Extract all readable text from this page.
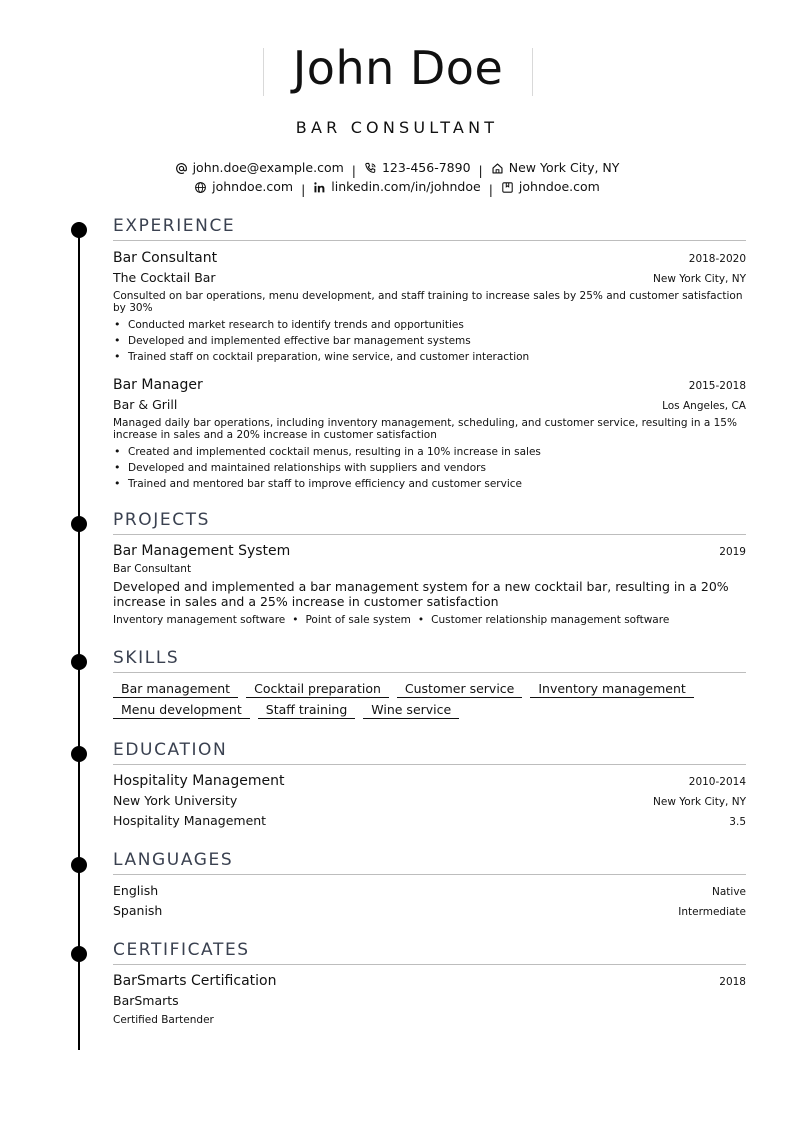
John Doe
BAR CONSULTANT
john.doe@example.com | 123-456-7890 | New York City, NY
johndoe.com | linkedin.com/in/johndoe | johndoe.com
EXPERIENCE
Bar Consultant	2018-2020
The Cocktail Bar	New York City, NY
Consulted on bar operations, menu development, and staff training to increase sales by 25% and customer satisfaction by 30%
• Conducted market research to identify trends and opportunities
• Developed and implemented effective bar management systems
• Trained staff on cocktail preparation, wine service, and customer interaction
Bar Manager	2015-2018
Bar & Grill	Los Angeles, CA
Managed daily bar operations, including inventory management, scheduling, and customer service, resulting in a 15% increase in sales and a 20% increase in customer satisfaction
• Created and implemented cocktail menus, resulting in a 10% increase in sales
• Developed and maintained relationships with suppliers and vendors
• Trained and mentored bar staff to improve efficiency and customer service
PROJECTS
Bar Management System	2019
Bar Consultant
Developed and implemented a bar management system for a new cocktail bar, resulting in a 20% increase in sales and a 25% increase in customer satisfaction
Inventory management software • Point of sale system • Customer relationship management software
SKILLS
Bar management	Cocktail preparation	Customer service	Inventory management
Menu development	Staff training	Wine service
EDUCATION
Hospitality Management	2010-2014
New York University	New York City, NY
Hospitality Management	3.5
LANGUAGES
English	Native
Spanish	Intermediate
CERTIFICATES
BarSmarts Certification	2018
BarSmarts
Certified Bartender
